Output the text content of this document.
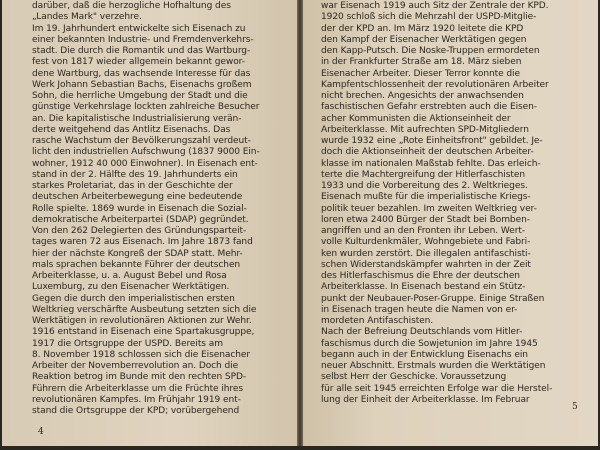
darüber, daß die herzogliche Hofhaltung des
„Landes Mark" verzehre.
Im 19. Jahrhundert entwickelte sich Eisenach zu
einer bekannten Industrie- und Fremdenverkehrs-
stadt. Die durch die Romantik und das Wartburg-
fest von 1817 wieder allgemein bekannt gewor-
dene Wartburg, das wachsende Interesse für das
Werk Johann Sebastian Bachs, Eisenachs großem
Sohn, die herrliche Umgebung der Stadt und die
günstige Verkehrslage lockten zahlreiche Besucher
an. Die kapitalistische Industrialisierung verän-
derte weitgehend das Antlitz Eisenachs. Das
rasche Wachstum der Bevölkerungszahl verdeut-
licht den industriellen Aufschwung (1837 9000 Ein-
wohner, 1912 40 000 Einwohner). In Eisenach ent-
stand in der 2. Hälfte des 19. Jahrhunderts ein
starkes Proletariat, das in der Geschichte der
deutschen Arbeiterbewegung eine bedeutende
Rolle spielte. 1869 wurde in Eisenach die Sozial-
demokratische Arbeiterpartei (SDAP) gegründet.
Von den 262 Delegierten des Gründungsparteit-
tages waren 72 aus Eisenach. Im Jahre 1873 fand
hier der nächste Kongreß der SDAP statt. Mehr-
mals sprachen bekannte Führer der deutschen
Arbeiterklasse, u. a. August Bebel und Rosa
Luxemburg, zu den Eisenacher Werktätigen.
Gegen die durch den imperialistischen ersten
Weltkrieg verschärfte Ausbeutung setzten sich die
Werktätigen in revolutionären Aktionen zur Wehr.
1916 entstand in Eisenach eine Spartakusgruppe,
1917 die Ortsgruppe der USPD. Bereits am
8. November 1918 schlossen sich die Eisenacher
Arbeiter der Novemberrevolution an. Doch die
Reaktion betrog im Bunde mit den rechten SPD-
Führern die Arbeiterklasse um die Früchte ihres
revolutionären Kampfes. Im Frühjahr 1919 ent-
stand die Ortsgruppe der KPD; vorübergehend
4
war Eisenach 1919 auch Sitz der Zentrale der KPD.
1920 schloß sich die Mehrzahl der USPD-Mitglie-
der der KPD an. Im März 1920 leitete die KPD
den Kampf der Eisenacher Werktätigen gegen
den Kapp-Putsch. Die Noske-Truppen ermordeten
in der Frankfurter Straße am 18. März sieben
Eisenacher Arbeiter. Dieser Terror konnte die
Kampfentschlossenheit der revolutionären Arbeiter
nicht brechen. Angesichts der anwachsenden
faschistischen Gefahr erstrebten auch die Eisen-
acher Kommunisten die Aktionseinheit der
Arbeiterklasse. Mit aufrechten SPD-Mitgliedern
wurde 1932 eine „Rote Einheitsfront" gebildet. Je-
doch die Aktionseinheit der deutschen Arbeiter-
klasse im nationalen Maßstab fehlte. Das erleich-
terte die Machtergreifung der Hitlerfaschisten
1933 und die Vorbereitung des 2. Weltkrieges.
Eisenach mußte für die imperialistische Kriegs-
politik teuer bezahlen. Im zweiten Weltkrieg ver-
loren etwa 2400 Bürger der Stadt bei Bomben-
angriffen und an den Fronten ihr Leben. Wert-
volle Kulturdenkmäler, Wohngebiete und Fabri-
ken wurden zerstört. Die illegalen antifaschisti-
schen Widerstandskämpfer wahrten in der Zeit
des Hitlerfaschismus die Ehre der deutschen
Arbeiterklasse. In Eisenach bestand ein Stütz-
punkt der Neubauer-Poser-Gruppe. Einige Straßen
in Eisenach tragen heute die Namen von er-
mordeten Antifaschisten.
Nach der Befreiung Deutschlands vom Hitler-
faschismus durch die Sowjetunion im Jahre 1945
begann auch in der Entwicklung Eisenachs ein
neuer Abschnitt. Erstmals wurden die Werktätigen
selbst Herr der Geschicke. Voraussetzung
für alle seit 1945 erreichten Erfolge war die Herstel-
lung der Einheit der Arbeiterklasse. Im Februar
5
